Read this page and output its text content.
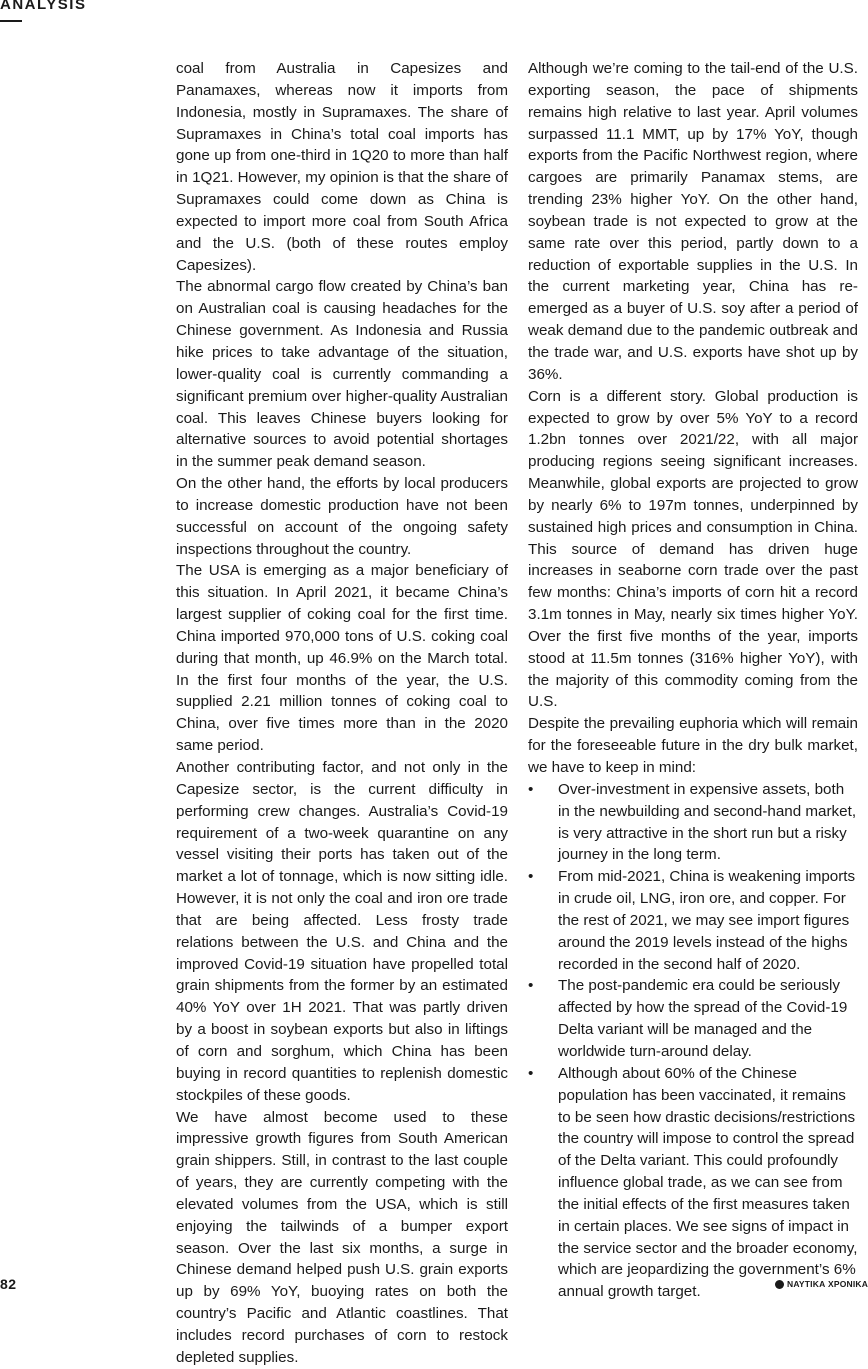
ANALYSIS

coal from Australia in Capesizes and Panamaxes, whereas now it imports from Indonesia, mostly in Supramaxes. The share of Supramaxes in China’s total coal imports has gone up from one-third in 1Q20 to more than half in 1Q21. However, my opinion is that the share of Supramaxes could come down as China is expected to import more coal from South Africa and the U.S. (both of these routes employ Capesizes).

The abnormal cargo flow created by China’s ban on Australian coal is causing headaches for the Chinese government. As Indonesia and Russia hike prices to take advantage of the situation, lower-quality coal is currently commanding a significant premium over higher-quality Australian coal. This leaves Chinese buyers looking for alternative sources to avoid potential shortages in the summer peak demand season.

On the other hand, the efforts by local producers to increase domestic production have not been successful on account of the ongoing safety inspections throughout the country.

The USA is emerging as a major beneficiary of this situation. In April 2021, it became China’s largest supplier of coking coal for the first time. China imported 970,000 tons of U.S. coking coal during that month, up 46.9% on the March total. In the first four months of the year, the U.S. supplied 2.21 million tonnes of coking coal to China, over five times more than in the 2020 same period.

Another contributing factor, and not only in the Capesize sector, is the current difficulty in performing crew changes. Australia’s Covid-19 requirement of a two-week quarantine on any vessel visiting their ports has taken out of the market a lot of tonnage, which is now sitting idle. However, it is not only the coal and iron ore trade that are being affected. Less frosty trade relations between the U.S. and China and the improved Covid-19 situation have propelled total grain shipments from the former by an estimated 40% YoY over 1H 2021. That was partly driven by a boost in soybean exports but also in liftings of corn and sorghum, which China has been buying in record quantities to replenish domestic stockpiles of these goods.

We have almost become used to these impressive growth figures from South American grain shippers. Still, in contrast to the last couple of years, they are currently competing with the elevated volumes from the USA, which is still enjoying the tailwinds of a bumper export season. Over the last six months, a surge in Chinese demand helped push U.S. grain exports up by 69% YoY, buoying rates on both the country’s Pacific and Atlantic coastlines. That includes record purchases of corn to restock depleted supplies.

Although we’re coming to the tail-end of the U.S. exporting season, the pace of shipments remains high relative to last year. April volumes surpassed 11.1 MMT, up by 17% YoY, though exports from the Pacific Northwest region, where cargoes are primarily Panamax stems, are trending 23% higher YoY. On the other hand, soybean trade is not expected to grow at the same rate over this period, partly down to a reduction of exportable supplies in the U.S. In the current marketing year, China has re-emerged as a buyer of U.S. soy after a period of weak demand due to the pandemic outbreak and the trade war, and U.S. exports have shot up by 36%.

Corn is a different story. Global production is expected to grow by over 5% YoY to a record 1.2bn tonnes over 2021/22, with all major producing regions seeing significant increases. Meanwhile, global exports are projected to grow by nearly 6% to 197m tonnes, underpinned by sustained high prices and consumption in China. This source of demand has driven huge increases in seaborne corn trade over the past few months: China’s imports of corn hit a record 3.1m tonnes in May, nearly six times higher YoY. Over the first five months of the year, imports stood at 11.5m tonnes (316% higher YoY), with the majority of this commodity coming from the U.S.

Despite the prevailing euphoria which will remain for the foreseeable future in the dry bulk market, we have to keep in mind:

• Over-investment in expensive assets, both in the newbuilding and second-hand market, is very attractive in the short run but a risky journey in the long term.
• From mid-2021, China is weakening imports in crude oil, LNG, iron ore, and copper. For the rest of 2021, we may see import figures around the 2019 levels instead of the highs recorded in the second half of 2020.
• The post-pandemic era could be seriously affected by how the spread of the Covid-19 Delta variant will be managed and the worldwide turn-around delay.
• Although about 60% of the Chinese population has been vaccinated, it remains to be seen how drastic decisions/restrictions the country will impose to control the spread of the Delta variant. This could profoundly influence global trade, as we can see from the initial effects of the first measures taken in certain places. We see signs of impact in the service sector and the broader economy, which are jeopardizing the government’s 6% annual growth target.
82	ΝΑΥΤΙΚΑ ΧΡΟΝΙΚΑ
